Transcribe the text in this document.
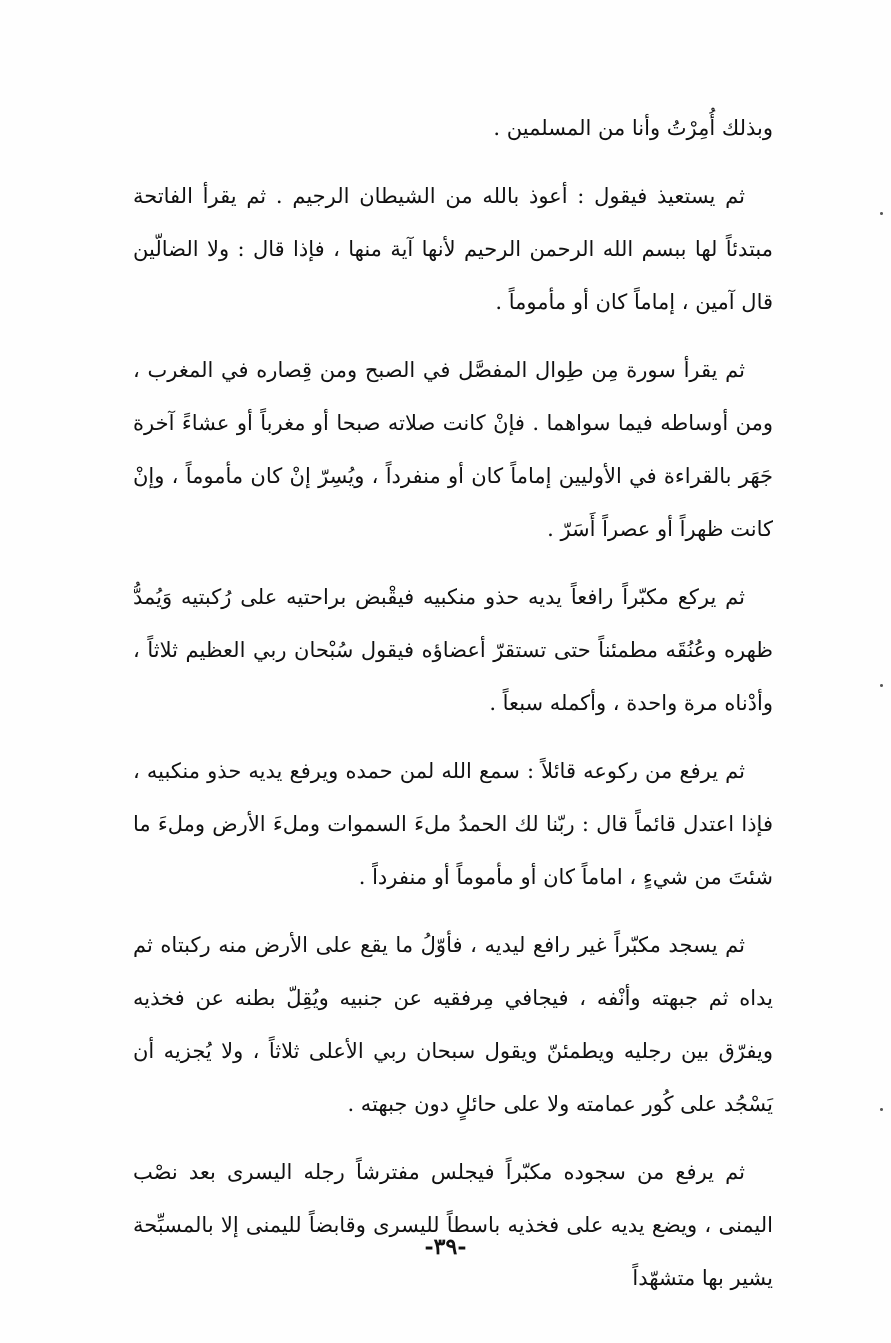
وبذلك أُمِرْتُ وأنا من المسلمين .

ثم يستعيذ فيقول : أعوذ بالله من الشيطان الرجيم . ثم يقرأ الفاتحة مبتدئاً لها ببسم الله الرحمن الرحيم لأنها آية منها ، فإذا قال : ولا الضالّين قال آمين ، إماماً كان أو مأموماً .

ثم يقرأ سورة مِن طِوال المفصَّل في الصبح ومن قِصاره في المغرب ، ومن أوساطه فيما سواهما . فإنْ كانت صلاته صبحا أو مغرباً أو عشاءً آخرة جَهَر بالقراءة في الأوليين إماماً كان أو منفرداً ، ويُسِرّ إنْ كان مأموماً ، وإنْ كانت ظهراً أو عصراً أَسَرّ .

ثم يركع مكبّراً رافعاً يديه حذو منكبيه فيقْبض براحتيه على رُكبتيه وَيُمدُّ ظهره وعُنُقَه مطمئناً حتى تستقرّ أعضاؤه فيقول سُبْحان ربي العظيم ثلاثاً ، وأدْناه مرة واحدة ، وأكمله سبعاً .

ثم يرفع من ركوعه قائلاً : سمع الله لمن حمده ويرفع يديه حذو منكبيه ، فإذا اعتدل قائماً قال : ربّنا لك الحمدُ ملءَ السموات وملءَ الأرض وملءَ ما شئتَ من شيءٍ ، اماماً كان أو مأموماً أو منفرداً .

ثم يسجد مكبّراً غير رافع ليديه ، فأوّلُ ما يقع على الأرض منه ركبتاه ثم يداه ثم جبهته وأنْفه ، فيجافي مِرفقيه عن جنبيه ويُقِلّ بطنه عن فخذيه ويفرّق بين رجليه ويطمئنّ ويقول سبحان ربي الأعلى ثلاثاً ، ولا يُجزيه أن يَسْجُد على كُور عمامته ولا على حائلٍ دون جبهته .

ثم يرفع من سجوده مكبّراً فيجلس مفترشاً رجله اليسرى بعد نصْب اليمنى ، ويضع يديه على فخذيه باسطاً لليسرى وقابضاً لليمنى إلا بالمسبِّحة يشير بها متشهّداً

-٣٩-
